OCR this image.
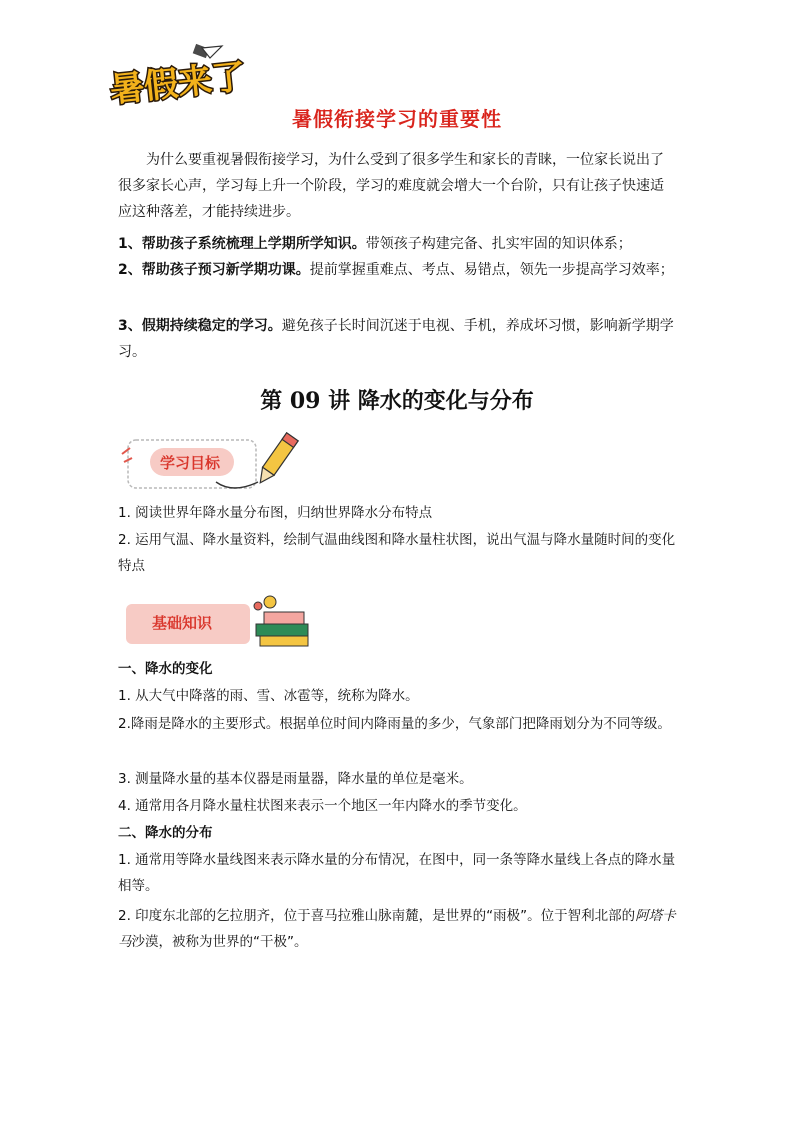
暑假来了
暑假衔接学习的重要性
为什么要重视暑假衔接学习，为什么受到了很多学生和家长的青睐，一位家长说出了很多家长心声，学习每上升一个阶段，学习的难度就会增大一个台阶，只有让孩子快速适应这种落差，才能持续进步。
1、帮助孩子系统梳理上学期所学知识。带领孩子构建完备、扎实牢固的知识体系；
2、帮助孩子预习新学期功课。提前掌握重难点、考点、易错点，领先一步提高学习效率；
3、假期持续稳定的学习。避免孩子长时间沉迷于电视、手机，养成坏习惯，影响新学期学习。
第 09 讲 降水的变化与分布
学习目标
1. 阅读世界年降水量分布图，归纳世界降水分布特点
2. 运用气温、降水量资料，绘制气温曲线图和降水量柱状图，说出气温与降水量随时间的变化特点
基础知识
一、降水的变化
1. 从大气中降落的雨、雪、冰雹等，统称为降水。
2.降雨是降水的主要形式。根据单位时间内降雨量的多少，气象部门把降雨划分为不同等级。
3. 测量降水量的基本仪器是雨量器，降水量的单位是毫米。
4. 通常用各月降水量柱状图来表示一个地区一年内降水的季节变化。
二、降水的分布
1. 通常用等降水量线图来表示降水量的分布情况，在图中，同一条等降水量线上各点的降水量相等。
2. 印度东北部的乞拉朋齐，位于喜马拉雅山脉南麓，是世界的“雨极”。位于智利北部的阿塔卡马沙漠，被称为世界的“干极”。
